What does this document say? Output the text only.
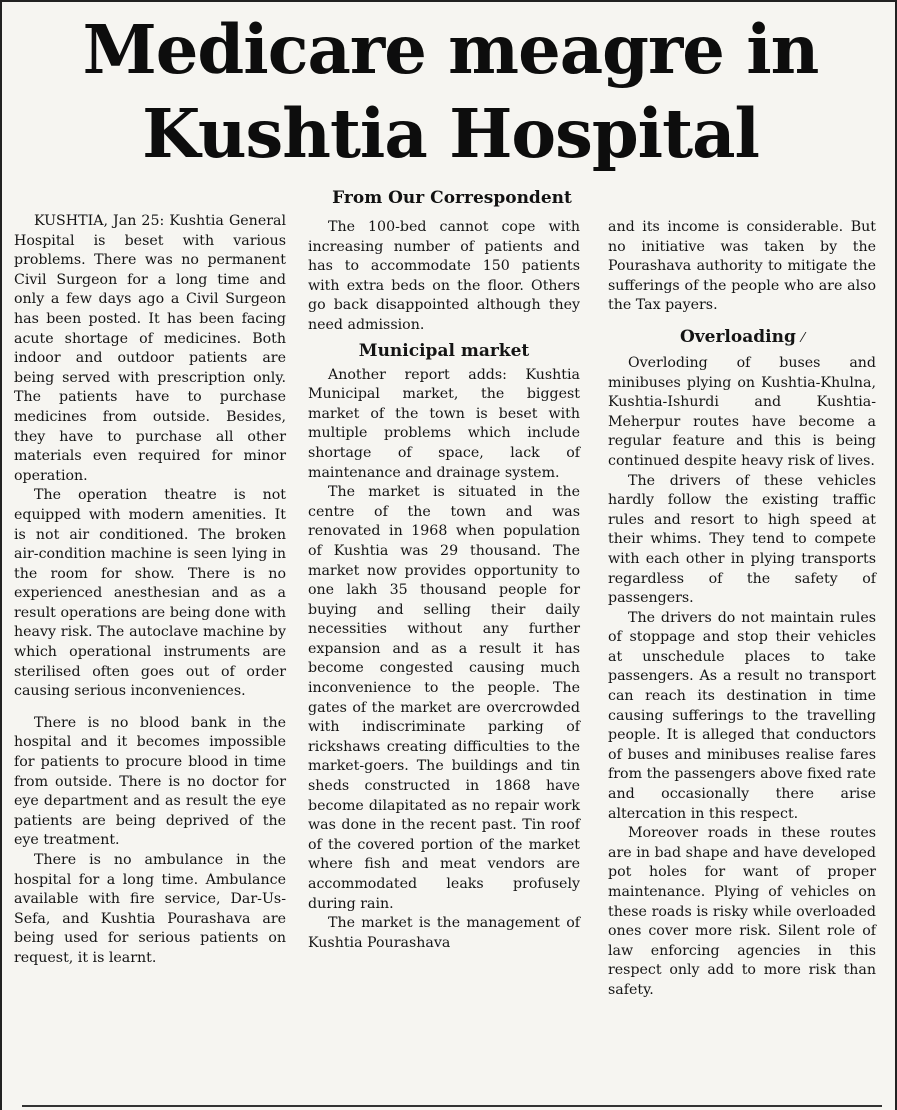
Medicare meagre in Kushtia Hospital
From Our Correspondent

KUSHTIA, Jan 25: Kushtia General Hospital is beset with various problems. There was no permanent Civil Surgeon for a long time and only a few days ago a Civil Surgeon has been posted. It has been facing acute shortage of medicines. Both indoor and outdoor patients are being served with prescription only. The patients have to purchase medicines from outside. Besides, they have to purchase all other materials even required for minor operation.

The operation theatre is not equipped with modern amenities. It is not air conditioned. The broken air-condition machine is seen lying in the room for show. There is no experienced anesthesian and as a result operations are being done with heavy risk. The autoclave machine by which operational instruments are sterilised often goes out of order causing serious inconveniences.

There is no blood bank in the hospital and it becomes impossible for patients to procure blood in time from outside. There is no doctor for eye department and as result the eye patients are being deprived of the eye treatment.

There is no ambulance in the hospital for a long time. Ambulance available with fire service, Dar-Us-Sefa, and Kushtia Pourashava are being used for serious patients on request, it is learnt.

The 100-bed cannot cope with increasing number of patients and has to accommodate 150 patients with extra beds on the floor. Others go back disappointed although they need admission.

Municipal market

Another report adds: Kushtia Municipal market, the biggest market of the town is beset with multiple problems which include shortage of space, lack of maintenance and drainage system.

The market is situated in the centre of the town and was renovated in 1968 when population of Kushtia was 29 thousand. The market now provides opportunity to one lakh 35 thousand people for buying and selling their daily necessities without any further expansion and as a result it has become congested causing much inconvenience to the people. The gates of the market are overcrowded with indiscriminate parking of rickshaws creating difficulties to the market-goers. The buildings and tin sheds constructed in 1868 have become dilapitated as no repair work was done in the recent past. Tin roof of the covered portion of the market where fish and meat vendors are accommodated leaks profusely during rain.

The market is the management of Kushtia Pourashava

and its income is considerable. But no initiative was taken by the Pourashava authority to mitigate the sufferings of the people who are also the Tax payers.

Overloading ⁄

Overloding of buses and minibuses plying on Kushtia-Khulna, Kushtia-Ishurdi and Kushtia-Meherpur routes have become a regular feature and this is being continued despite heavy risk of lives.

The drivers of these vehicles hardly follow the existing traffic rules and resort to high speed at their whims. They tend to compete with each other in plying transports regardless of the safety of passengers.

The drivers do not maintain rules of stoppage and stop their vehicles at unschedule places to take passengers. As a result no transport can reach its destination in time causing sufferings to the travelling people. It is alleged that conductors of buses and minibuses realise fares from the passengers above fixed rate and occasionally there arise altercation in this respect.

Moreover roads in these routes are in bad shape and have developed pot holes for want of proper maintenance. Plying of vehicles on these roads is risky while overloaded ones cover more risk. Silent role of law enforcing agencies in this respect only add to more risk than safety.
